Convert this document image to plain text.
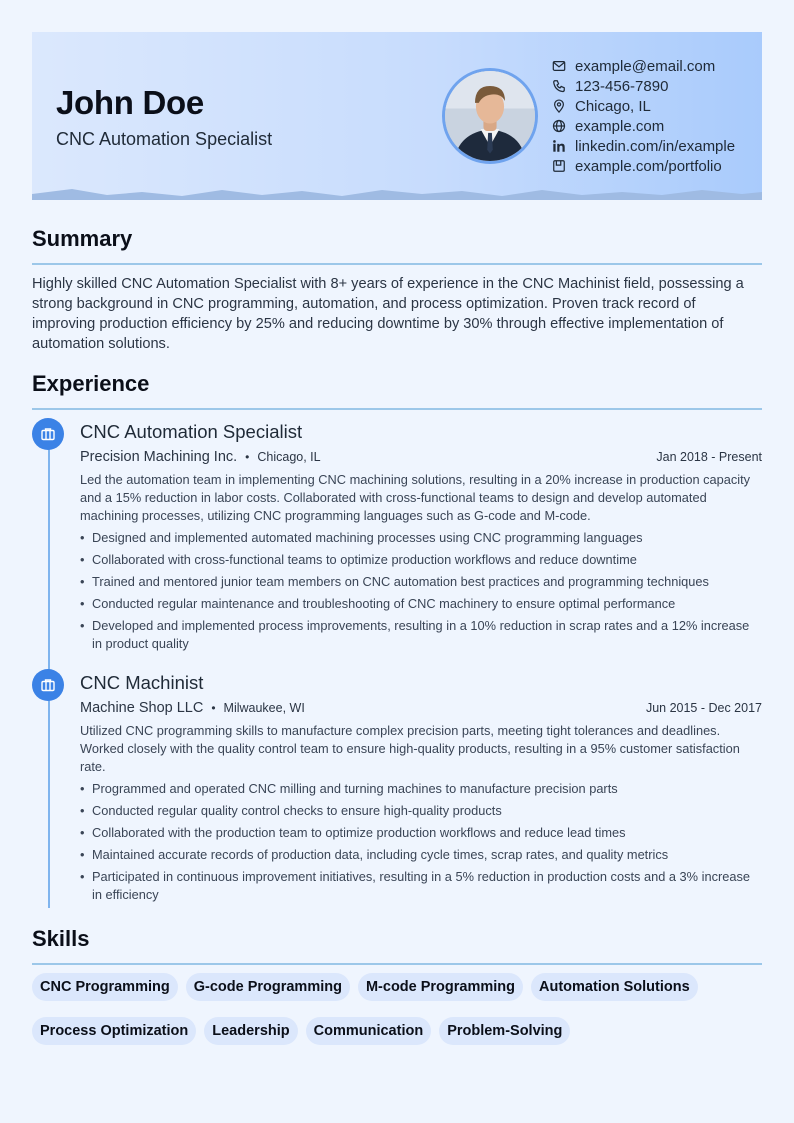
John Doe
CNC Automation Specialist
example@email.com
123-456-7890
Chicago, IL
example.com
linkedin.com/in/example
example.com/portfolio
Summary

Highly skilled CNC Automation Specialist with 8+ years of experience in the CNC Machinist field, possessing a strong background in CNC programming, automation, and process optimization. Proven track record of improving production efficiency by 25% and reducing downtime by 30% through effective implementation of automation solutions.

Experience
CNC Automation Specialist
Precision Machining Inc. • Chicago, IL	Jan 2018 - Present

Led the automation team in implementing CNC machining solutions, resulting in a 20% increase in production capacity and a 15% reduction in labor costs. Collaborated with cross-functional teams to design and develop automated machining processes, utilizing CNC programming languages such as G-code and M-code.

• Designed and implemented automated machining processes using CNC programming languages
• Collaborated with cross-functional teams to optimize production workflows and reduce downtime
• Trained and mentored junior team members on CNC automation best practices and programming techniques
• Conducted regular maintenance and troubleshooting of CNC machinery to ensure optimal performance
• Developed and implemented process improvements, resulting in a 10% reduction in scrap rates and a 12% increase in product quality
CNC Machinist
Machine Shop LLC • Milwaukee, WI	Jun 2015 - Dec 2017

Utilized CNC programming skills to manufacture complex precision parts, meeting tight tolerances and deadlines. Worked closely with the quality control team to ensure high-quality products, resulting in a 95% customer satisfaction rate.

• Programmed and operated CNC milling and turning machines to manufacture precision parts
• Conducted regular quality control checks to ensure high-quality products
• Collaborated with the production team to optimize production workflows and reduce lead times
• Maintained accurate records of production data, including cycle times, scrap rates, and quality metrics
• Participated in continuous improvement initiatives, resulting in a 5% reduction in production costs and a 3% increase in efficiency
Skills
CNC Programming	G-code Programming	M-code Programming	Automation Solutions
Process Optimization	Leadership	Communication	Problem-Solving
